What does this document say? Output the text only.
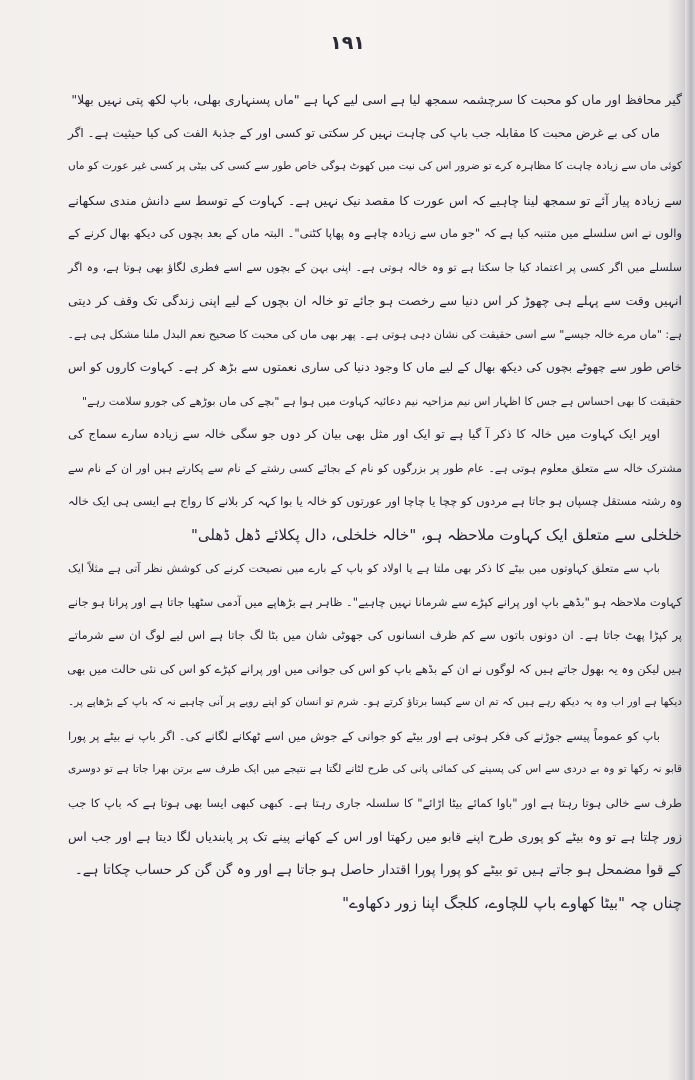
۱۹۱
گیر محافظ اور ماں کو محبت کا سرچشمہ سمجھ لیا ہے اسی لیے کہا ہے "ماں پسنہاری بھلی، باپ لکھ پتی نہیں بھلا"
ماں کی بے غرض محبت کا مقابلہ جب باپ کی چاہت نہیں کر سکتی تو کسی اور کے جذبۂ الفت کی کیا حیثیت ہے۔ اگر
کوئی ماں سے زیادہ چاہت کا مظاہرہ کرے تو ضرور اس کی نیت میں کھوٹ ہوگی خاص طور سے کسی کی بیٹی پر کسی غیر عورت کو ماں
سے زیادہ پیار آئے تو سمجھ لینا چاہیے کہ اس عورت کا مقصد نیک نہیں ہے۔ کہاوت کے توسط سے دانش مندی سکھانے
والوں نے اس سلسلے میں متنبہ کیا ہے کہ "جو ماں سے زیادہ چاہے وہ پھاپا کٹنی"۔ البتہ ماں کے بعد بچوں کی دیکھ بھال کرنے کے
سلسلے میں اگر کسی پر اعتماد کیا جا سکتا ہے تو وہ خالہ ہوتی ہے۔ اپنی بہن کے بچوں سے اسے فطری لگاؤ بھی ہوتا ہے، وہ اگر
انہیں وقت سے پہلے ہی چھوڑ کر اس دنیا سے رخصت ہو جائے تو خالہ ان بچوں کے لیے اپنی زندگی تک وقف کر دیتی
ہے: "ماں مرے خالہ جیسے" سے اسی حقیقت کی نشان دہی ہوتی ہے۔ پھر بھی ماں کی محبت کا صحیح نعم البدل ملنا مشکل ہی ہے۔
خاص طور سے چھوٹے بچوں کی دیکھ بھال کے لیے ماں کا وجود دنیا کی ساری نعمتوں سے بڑھ کر ہے۔ کہاوت کاروں کو اس
حقیقت کا بھی احساس ہے جس کا اظہار اس نیم مزاحیہ نیم دعائیہ کہاوت میں ہوا ہے "بچے کی ماں بوڑھے کی جورو سلامت رہے"
اوپر ایک کہاوت میں خالہ کا ذکر آ گیا ہے تو ایک اور مثل بھی بیان کر دوں جو سگی خالہ سے زیادہ سارے سماج کی
مشترک خالہ سے متعلق معلوم ہوتی ہے۔ عام طور پر بزرگوں کو نام کے بجائے کسی رشتے کے نام سے پکارتے ہیں اور ان کے نام سے
وہ رشتہ مستقل چسپاں ہو جاتا ہے مردوں کو چچا یا چاچا اور عورتوں کو خالہ یا بوا کہہ کر بلانے کا رواج ہے ایسی ہی ایک خالہ
خلخلی سے متعلق ایک کہاوت ملاحظہ ہو، "خالہ خلخلی، دال پکلائے ڈھل ڈھلی"
باپ سے متعلق کہاوتوں میں بیٹے کا ذکر بھی ملتا ہے یا اولاد کو باپ کے بارے میں نصیحت کرنے کی کوشش نظر آتی ہے مثلاً ایک
کہاوت ملاحظہ ہو "بڈھے باپ اور پرانے کپڑے سے شرمانا نہیں چاہیے"۔ ظاہر ہے بڑھاپے میں آدمی سٹھیا جاتا ہے اور پرانا ہو جانے
پر کپڑا پھٹ جاتا ہے۔ ان دونوں باتوں سے کم ظرف انسانوں کی جھوٹی شان میں بٹا لگ جاتا ہے اس لیے لوگ ان سے شرماتے
ہیں لیکن وہ یہ بھول جاتے ہیں کہ لوگوں نے ان کے بڈھے باپ کو اس کی جوانی میں اور پرانے کپڑے کو اس کی نئی حالت میں بھی
دیکھا ہے اور اب وہ یہ دیکھ رہے ہیں کہ تم ان سے کیسا برتاؤ کرتے ہو۔ شرم تو انسان کو اپنے رویے پر آنی چاہیے نہ کہ باپ کے بڑھاپے پر۔
باپ کو عموماً پیسے جوڑنے کی فکر ہوتی ہے اور بیٹے کو جوانی کے جوش میں اسے ٹھکانے لگانے کی۔ اگر باپ نے بیٹے پر پورا
قابو نہ رکھا تو وہ بے دردی سے اس کی پسینے کی کمائی پانی کی طرح لٹانے لگتا ہے نتیجے میں ایک طرف سے برتن بھرا جاتا ہے تو دوسری
طرف سے خالی ہوتا رہتا ہے اور "باوا کمائے بیٹا اڑائے" کا سلسلہ جاری رہتا ہے۔ کبھی کبھی ایسا بھی ہوتا ہے کہ باپ کا جب
زور چلتا ہے تو وہ بیٹے کو پوری طرح اپنے قابو میں رکھتا اور اس کے کھانے پینے تک پر پابندیاں لگا دیتا ہے اور جب اس
کے قوا مضمحل ہو جاتے ہیں تو بیٹے کو پورا پورا اقتدار حاصل ہو جاتا ہے اور وہ گن گن کر حساب چکاتا ہے۔
چناں چہ "بیٹا کھاوے باپ للچاوے، کلجگ اپنا زور دکھاوے"
